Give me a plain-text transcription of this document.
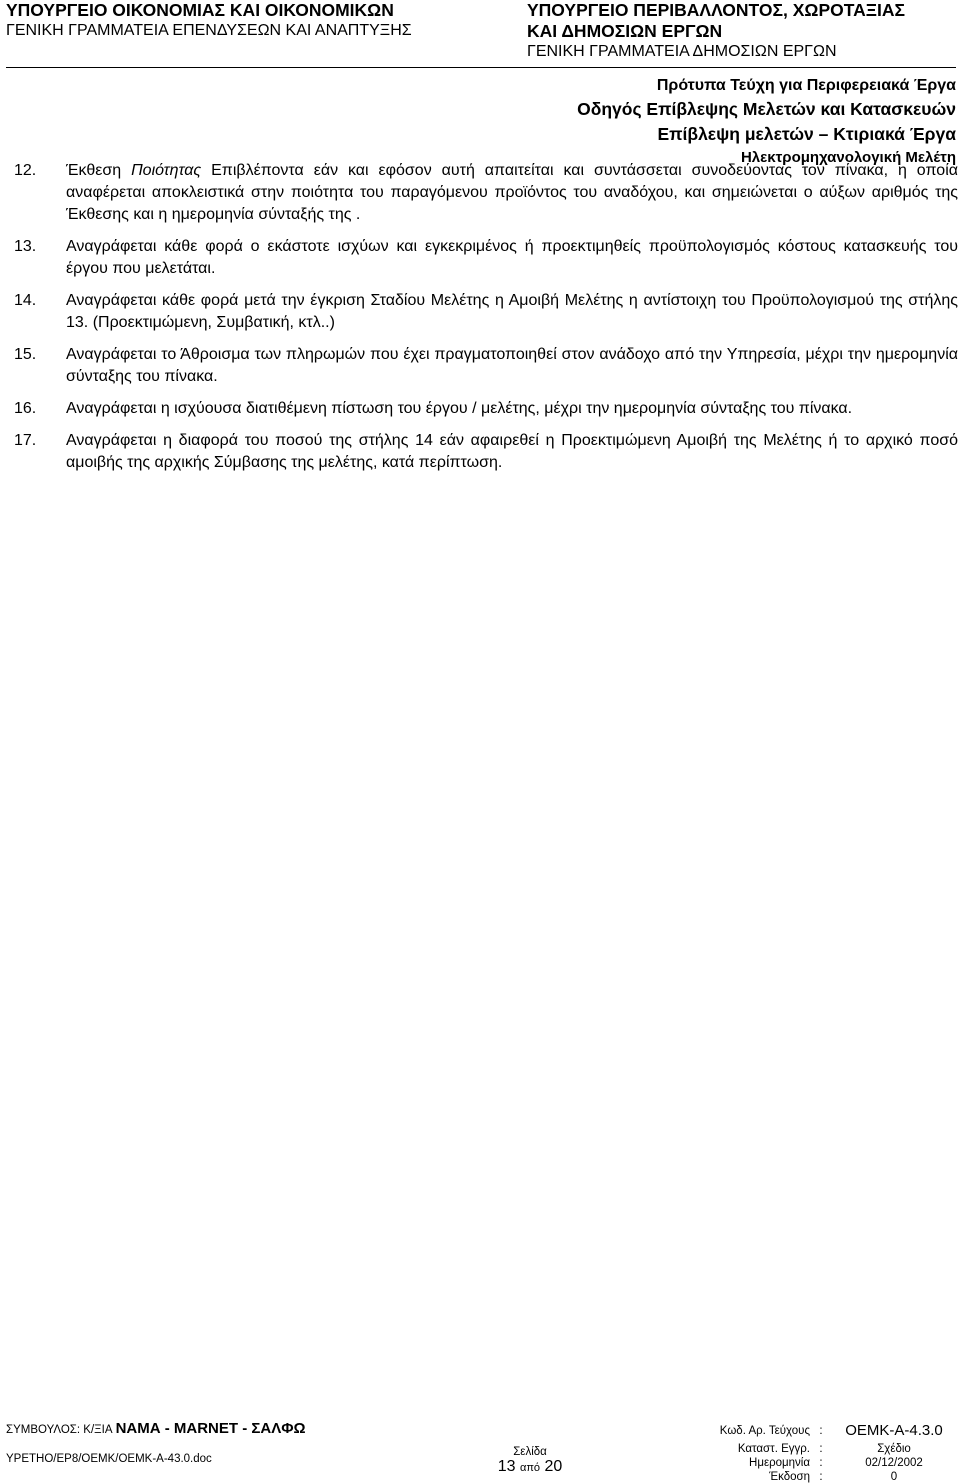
ΥΠΟΥΡΓΕΙΟ ΟΙΚΟΝΟΜΙΑΣ ΚΑΙ ΟΙΚΟΝΟΜΙΚΩΝ
ΓΕΝΙΚΗ ΓΡΑΜΜΑΤΕΙΑ ΕΠΕΝΔΥΣΕΩΝ ΚΑΙ ΑΝΑΠΤΥΞΗΣ
ΥΠΟΥΡΓΕΙΟ ΠΕΡΙΒΑΛΛΟΝΤΟΣ, ΧΩΡΟΤΑΞΙΑΣ
ΚΑΙ ΔΗΜΟΣΙΩΝ ΕΡΓΩΝ
ΓΕΝΙΚΗ ΓΡΑΜΜΑΤΕΙΑ ΔΗΜΟΣΙΩΝ ΕΡΓΩΝ
Πρότυπα Τεύχη για Περιφερειακά Έργα
Οδηγός Επίβλεψης Μελετών και Κατασκευών
Επίβλεψη μελετών – Κτιριακά Έργα
Ηλεκτρομηχανολογική Μελέτη
12.	Έκθεση Ποιότητας Επιβλέποντα εάν και εφόσον αυτή απαιτείται και συντάσσεται συνοδεύοντας τον πίνακα, η οποία αναφέρεται αποκλειστικά στην ποιότητα του παραγόμενου προϊόντος του αναδόχου, και σημειώνεται ο αύξων αριθμός της Έκθεσης και η ημερομηνία σύνταξής της .
13.	Αναγράφεται κάθε φορά ο εκάστοτε ισχύων και εγκεκριμένος ή προεκτιμηθείς προϋπολογισμός κόστους κατασκευής του έργου που μελετάται.
14.	Αναγράφεται κάθε φορά μετά την έγκριση Σταδίου Μελέτης η Αμοιβή Μελέτης η αντίστοιχη του Προϋπολογισμού της στήλης 13. (Προεκτιμώμενη, Συμβατική, κτλ..)
15.	Αναγράφεται το Άθροισμα των πληρωμών που έχει πραγματοποιηθεί στον ανάδοχο από την Υπηρεσία, μέχρι την ημερομηνία σύνταξης του πίνακα.
16.	Αναγράφεται η ισχύουσα διατιθέμενη πίστωση του έργου / μελέτης, μέχρι την ημερομηνία σύνταξης του πίνακα.
17.	Αναγράφεται η διαφορά του ποσού της στήλης 14 εάν αφαιρεθεί η Προεκτιμώμενη Αμοιβή της Μελέτης ή το αρχικό ποσό αμοιβής της αρχικής Σύμβασης της μελέτης, κατά περίπτωση.
ΣΥΜΒΟΥΛΟΣ: Κ/ΞΙΑ ΝΑΜΑ - MARNET - ΣΑΛΦΩ
ΥΡΕΤΗΟ/ΕΡ8/ΟΕΜΚ/ΟΕΜΚ-Α-43.0.doc
Σελίδα
13 από 20
Κωδ. Αρ. Τεύχους :	ΟΕΜΚ-Α-4.3.0
Καταστ. Εγγρ. :	Σχέδιο
Ημερομηνία :	02/12/2002
Έκδοση :	0
